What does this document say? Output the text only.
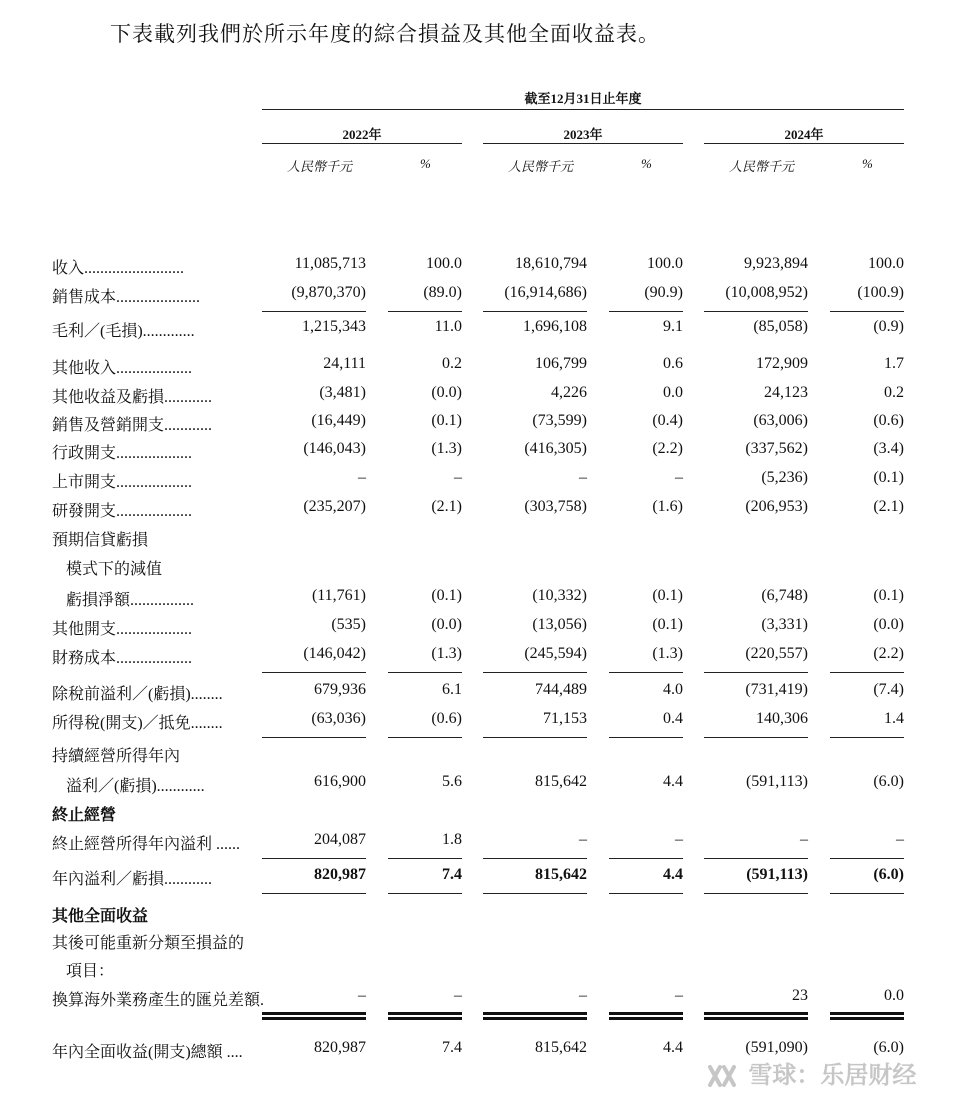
下表載列我們於所示年度的綜合損益及其他全面收益表。
截至12月31日止年度
2022年
人民幣千元	%
2023年
人民幣千元	%
2024年
人民幣千元	%
收入.........................	11,085,713	100.0	18,610,794	100.0	9,923,894	100.0
銷售成本.....................	(9,870,370)	(89.0)	(16,914,686)	(90.9)	(10,008,952)	(100.9)
毛利／(毛損).............	1,215,343	11.0	1,696,108	9.1	(85,058)	(0.9)
其他收入...................	24,111	0.2	106,799	0.6	172,909	1.7
其他收益及虧損............	(3,481)	(0.0)	4,226	0.0	24,123	0.2
銷售及營銷開支............	(16,449)	(0.1)	(73,599)	(0.4)	(63,006)	(0.6)
行政開支...................	(146,043)	(1.3)	(416,305)	(2.2)	(337,562)	(3.4)
上市開支...................	–	–	–	–	(5,236)	(0.1)
研發開支...................	(235,207)	(2.1)	(303,758)	(1.6)	(206,953)	(2.1)
預期信貸虧損
模式下的減值
虧損淨額................	(11,761)	(0.1)	(10,332)	(0.1)	(6,748)	(0.1)
其他開支...................	(535)	(0.0)	(13,056)	(0.1)	(3,331)	(0.0)
財務成本...................	(146,042)	(1.3)	(245,594)	(1.3)	(220,557)	(2.2)
除稅前溢利／(虧損)........	679,936	6.1	744,489	4.0	(731,419)	(7.4)
所得稅(開支)／抵免........	(63,036)	(0.6)	71,153	0.4	140,306	1.4
持續經營所得年內
溢利／(虧損)............	616,900	5.6	815,642	4.4	(591,113)	(6.0)
終止經營
終止經營所得年內溢利 ......	204,087	1.8	–	–	–	–
年內溢利／虧損............	820,987	7.4	815,642	4.4	(591,113)	(6.0)
其他全面收益
其後可能重新分類至損益的
項目：
換算海外業務產生的匯兑差額.	–	–	–	–	23	0.0
年內全面收益(開支)總額 ....	820,987	7.4	815,642	4.4	(591,090)	(6.0)
雪球：乐居财经
